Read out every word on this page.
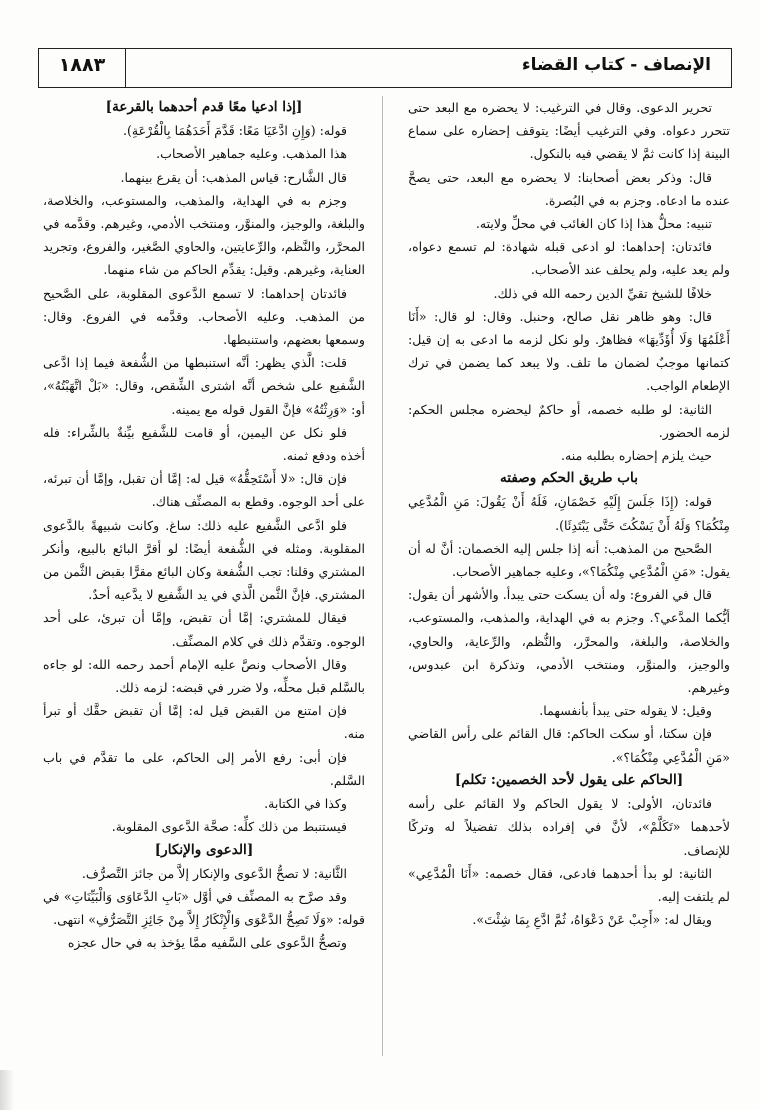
الإنصاف - كتاب القضاء
١٨٨٣

تحرير الدعوى. وقال في الترغيب: لا يحضره مع البعد حتى تتحرر دعواه. وفي الترغيب أيضًا: يتوقف إحضاره على سماع البينة إذا كانت ثمَّ لا يقضي فيه بالنكول.

قال: وذكر بعض أصحابنا: لا يحضره مع البعد، حتى يصحَّ عنده ما ادعاه. وجزم به في البُصرة.

تنبيه: محلُّ هذا إذا كان الغائب في محلِّ ولايته.

فائدتان: إحداهما: لو ادعى قبله شهادة: لم تسمع دعواه، ولم يعد عليه، ولم يحلف عند الأصحاب.

خلافًا للشيخ تقيِّ الدين رحمه الله في ذلك.

قال: وهو ظاهر نقل صالح، وحنبل. وقال: لو قال: «أَنَا أَعْلَمُهَا وَلَا أُؤَدِّيهَا» فظاهرٌ. ولو نكل لزمه ما ادعى به إن قيل: كتمانها موجبٌ لضمان ما تلف. ولا يبعد كما يضمن في ترك الإطعام الواجب.

الثانية: لو طلبه خصمه، أو حاكمٌ ليحضره مجلس الحكم: لزمه الحضور.

حيث يلزم إحضاره بطلبه منه.

باب طريق الحكم وصفته

قوله: (إِذَا جَلَسَ إِلَيْهِ خَصْمَانِ، فَلَهُ أَنْ يَقُولَ: مَنِ الْمُدَّعِي مِنْكُمَا؟ وَلَهُ أَنْ يَسْكُتَ حَتَّى يَبْتَدِئَا).

الصَّحيح من المذهب: أنه إذا جلس إليه الخصمان: أنَّ له أن يقول: «مَنِ الْمُدَّعِي مِنْكُمَا؟»، وعليه جماهير الأصحاب.

قال في الفروع: وله أن يسكت حتى يبدأ. والأشهر أن يقول: أيُّكما المدَّعي؟. وجزم به في الهداية، والمذهب، والمستوعب، والخلاصة، والبلغة، والمحرَّر، والنُّظم، والرِّعاية، والحاوي، والوجيز، والمنوَّر، ومنتخب الأدمي، وتذكرة ابن عبدوس، وغيرهم.

وقيل: لا يقوله حتى يبدأ بأنفسهما.

فإن سكتا، أو سكت الحاكم: قال القائم على رأس القاضي «مَنِ الْمُدَّعِي مِنْكُمَا؟».

[الحاكم على يقول لأحد الخصمين: تكلم]

فائدتان، الأولى: لا يقول الحاكم ولا القائم على رأسه لأحدهما «تَكَلَّمْ»، لأنَّ في إفراده بذلك تفضيلاً له وتركًا للإنصاف.

الثانية: لو بدأ أحدهما فادعى، فقال خصمه: «أَنَا الْمُدَّعِي» لم يلتفت إليه.

ويقال له: «أَجِبْ عَنْ دَعْوَاهُ، ثُمَّ ادَّعِ بِمَا شِئْتَ».

[إذا ادعيا معًا قدم أحدهما بالقرعة]

قوله: (وَإِنِ ادَّعَيَا مَعًا: قَدَّمَ أَحَدَهُمَا بِالْقُرْعَةِ).

هذا المذهب. وعليه جماهير الأصحاب.

قال الشَّارح: قياس المذهب: أن يقرع بينهما.

وجزم به في الهداية، والمذهب، والمستوعب، والخلاصة، والبلغة، والوجيز، والمنوَّر، ومنتخب الأدمي، وغيرهم. وقدَّمه في المحرَّر، والنَّظم، والرِّعايتين، والحاوي الصَّغير، والفروع، وتجريد العناية، وغيرهم. وقيل: يقدِّم الحاكم من شاء منهما.

فائدتان إحداهما: لا تسمع الدَّعوى المقلوبة، على الصَّحيح من المذهب. وعليه الأصحاب. وقدَّمه في الفروع. وقال: وسمعها بعضهم، واستنبطها.

قلت: الَّذي يظهر: أنَّه استنبطها من الشُّفعة فيما إذا ادَّعى الشَّفيع على شخص أنَّه اشترى الشِّقص، وقال: «بَلْ اتَّهَبْتُهُ»، أو: «وَرِثْتُهُ» فإنَّ القول قوله مع يمينه.

فلو نكل عن اليمين، أو قامت للشَّفيع بيِّنةٌ بالشِّراء: فله أخذه ودفع ثمنه.

فإن قال: «لا أَسْتَحِقُّهُ» قيل له: إمَّا أن تقبل، وإمَّا أن تبرئه، على أحد الوجوه. وقطع به المصنِّف هناك.

فلو ادَّعى الشَّفيع عليه ذلك: ساغ. وكانت شبيهةً بالدَّعوى المقلوبة. ومثله في الشُّفعة أيضًا: لو أقرَّ البائع بالبيع، وأنكر المشتري وقلنا: تجب الشُّفعة وكان البائع مقرًّا بقبض الثَّمن من المشتري. فإنَّ الثَّمن الَّذي في يد الشَّفيع لا يدَّعيه أحدٌ.

فيقال للمشتري: إمَّا أن تقبض، وإمَّا أن تبرئ، على أحد الوجوه. وتقدَّم ذلك في كلام المصنِّف.

وقال الأصحاب ونصَّ عليه الإمام أحمد رحمه الله: لو جاءه بالسَّلم قبل محلِّه، ولا ضرر في قبضه: لزمه ذلك.

فإن امتنع من القبض قيل له: إمَّا أن تقبض حقَّك أو تبرأ منه.

فإن أبى: رفع الأمر إلى الحاكم، على ما تقدَّم في باب السَّلم.

وكذا في الكتابة.

فيستنبط من ذلك كلِّه: صحَّة الدَّعوى المقلوبة.

[الدعوى والإنكار]

الثَّانية: لا تصحُّ الدَّعوى والإنكار إلاَّ من جائز التَّصرُّف.

وقد صرَّح به المصنِّف في أوَّل «بَابِ الدَّعَاوَى وَالْبَيِّنَاتِ» في قوله: «وَلَا تَصِحُّ الدَّعْوَى وَالْإِنْكَارُ إِلاَّ مِنْ جَائِزِ التَّصَرُّفِ» انتهى.

وتصحُّ الدَّعوى على السَّفيه ممَّا يؤخذ به في حال عجزه
